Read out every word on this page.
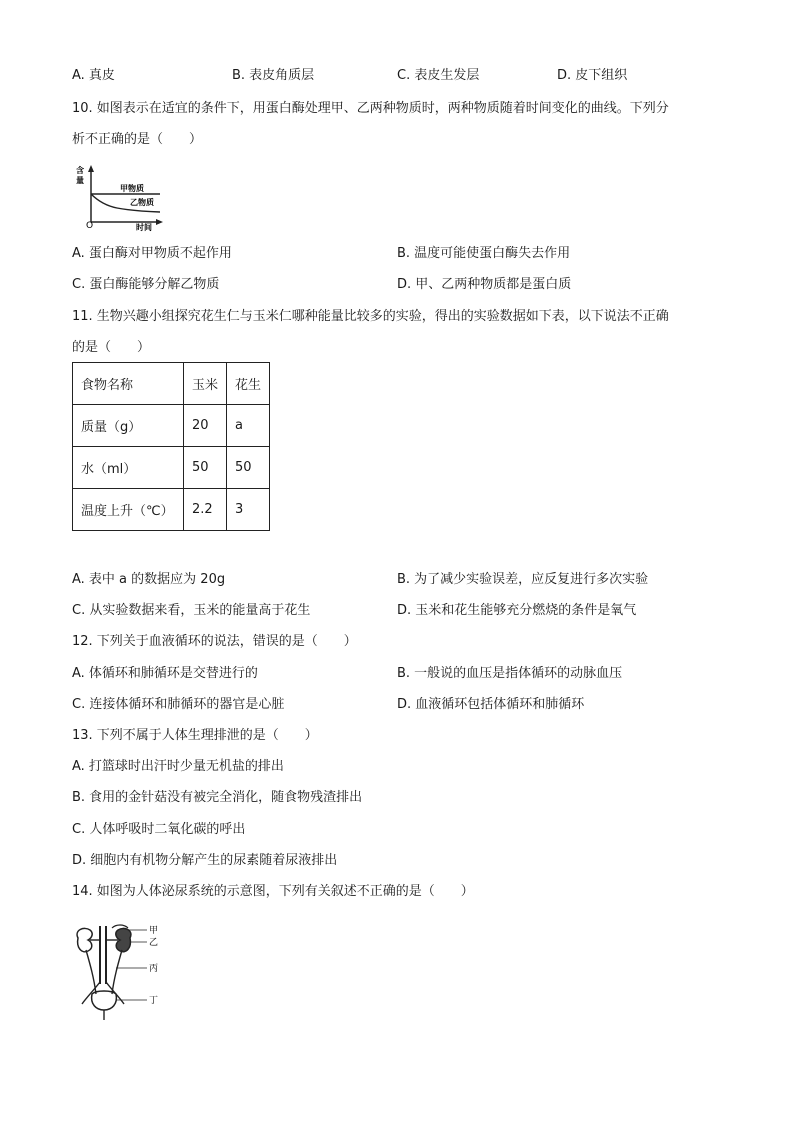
A. 真皮	B. 表皮角质层	C. 表皮生发层	D. 皮下组织
10. 如图表示在适宜的条件下，用蛋白酶处理甲、乙两种物质时，两种物质随着时间变化的曲线。下列分
析不正确的是（　　）
含
量
甲物质
乙物质
O	时间
A. 蛋白酶对甲物质不起作用	B. 温度可能使蛋白酶失去作用
C. 蛋白酶能够分解乙物质	D. 甲、乙两种物质都是蛋白质
11. 生物兴趣小组探究花生仁与玉米仁哪种能量比较多的实验，得出的实验数据如下表，以下说法不正确
的是（　　）
食物名称	玉米	花生
质量（g）	20	a
水（ml）	50	50
温度上升（℃）	2.2	3
A. 表中 a 的数据应为 20g	B. 为了减少实验误差，应反复进行多次实验
C. 从实验数据来看，玉米的能量高于花生	D. 玉米和花生能够充分燃烧的条件是氧气
12. 下列关于血液循环的说法，错误的是（　　）
A. 体循环和肺循环是交替进行的	B. 一般说的血压是指体循环的动脉血压
C. 连接体循环和肺循环的器官是心脏	D. 血液循环包括体循环和肺循环
13. 下列不属于人体生理排泄的是（　　）
A. 打篮球时出汗时少量无机盐的排出
B. 食用的金针菇没有被完全消化，随食物残渣排出
C. 人体呼吸时二氧化碳的呼出
D. 细胞内有机物分解产生的尿素随着尿液排出
14. 如图为人体泌尿系统的示意图，下列有关叙述不正确的是（　　）
甲
乙
丙
丁
